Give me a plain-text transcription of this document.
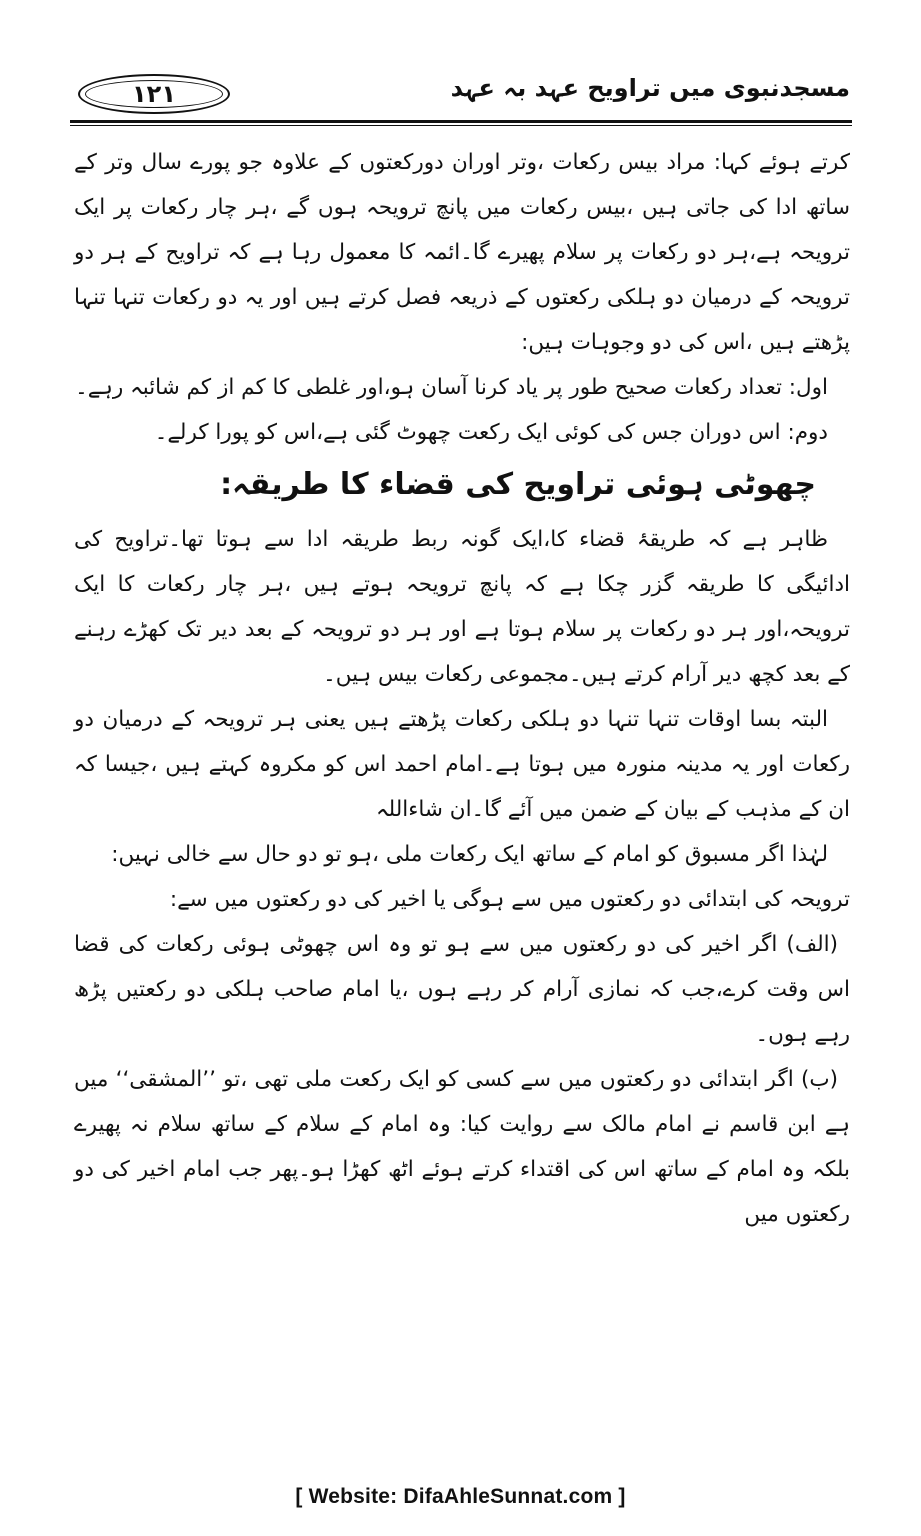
١٢١	مسجدنبوی میں تراویح عہد بہ عہد

کرتے ہوئے کہا: مراد بیس رکعات ،وتر اوران دورکعتوں کے علاوہ جو پورے سال وتر کے ساتھ ادا کی جاتی ہیں ،بیس رکعات میں پانچ ترویحہ ہوں گے ،ہر چار رکعات پر ایک ترویحہ ہے،ہر دو رکعات پر سلام پھیرے گا۔ائمہ کا معمول رہا ہے کہ تراویح کے ہر دو ترویحہ کے درمیان دو ہلکی رکعتوں کے ذریعہ فصل کرتے ہیں اور یہ دو رکعات تنہا تنہا پڑھتے ہیں ،اس کی دو وجوہات ہیں:

اول: تعداد رکعات صحیح طور پر یاد کرنا آسان ہو،اور غلطی کا کم از کم شائبہ رہے۔

دوم: اس دوران جس کی کوئی ایک رکعت چھوٹ گئی ہے،اس کو پورا کرلے۔

چھوٹی ہوئی تراویح کی قضاء کا طریقہ:

ظاہر ہے کہ طریقۂ قضاء کا،ایک گونہ ربط طریقہ ادا سے ہوتا تھا۔تراویح کی ادائیگی کا طریقہ گزر چکا ہے کہ پانچ ترویحہ ہوتے ہیں ،ہر چار رکعات کا ایک ترویحہ،اور ہر دو رکعات پر سلام ہوتا ہے اور ہر دو ترویحہ کے بعد دیر تک کھڑے رہنے کے بعد کچھ دیر آرام کرتے ہیں۔مجموعی رکعات بیس ہیں۔

البتہ بسا اوقات تنہا تنہا دو ہلکی رکعات پڑھتے ہیں یعنی ہر ترویحہ کے درمیان دو رکعات اور یہ مدینہ منورہ میں ہوتا ہے۔امام احمد اس کو مکروہ کہتے ہیں ،جیسا کہ ان کے مذہب کے بیان کے ضمن میں آئے گا۔ان شاءاللہ

لہٰذا اگر مسبوق کو امام کے ساتھ ایک رکعات ملی ،ہو تو دو حال سے خالی نہیں:

ترویحہ کی ابتدائی دو رکعتوں میں سے ہوگی یا اخیر کی دو رکعتوں میں سے:

(الف) اگر اخیر کی دو رکعتوں میں سے ہو تو وہ اس چھوٹی ہوئی رکعات کی قضا اس وقت کرے،جب کہ نمازی آرام کر رہے ہوں ،یا امام صاحب ہلکی دو رکعتیں پڑھ رہے ہوں۔

(ب) اگر ابتدائی دو رکعتوں میں سے کسی کو ایک رکعت ملی تھی ،تو ’’المشقی‘‘ میں ہے ابن قاسم نے امام مالک سے روایت کیا: وہ امام کے سلام کے ساتھ سلام نہ پھیرے بلکہ وہ امام کے ساتھ اس کی اقتداء کرتے ہوئے اٹھ کھڑا ہو۔پھر جب امام اخیر کی دو رکعتوں میں

[ Website: DifaAhleSunnat.com ]
